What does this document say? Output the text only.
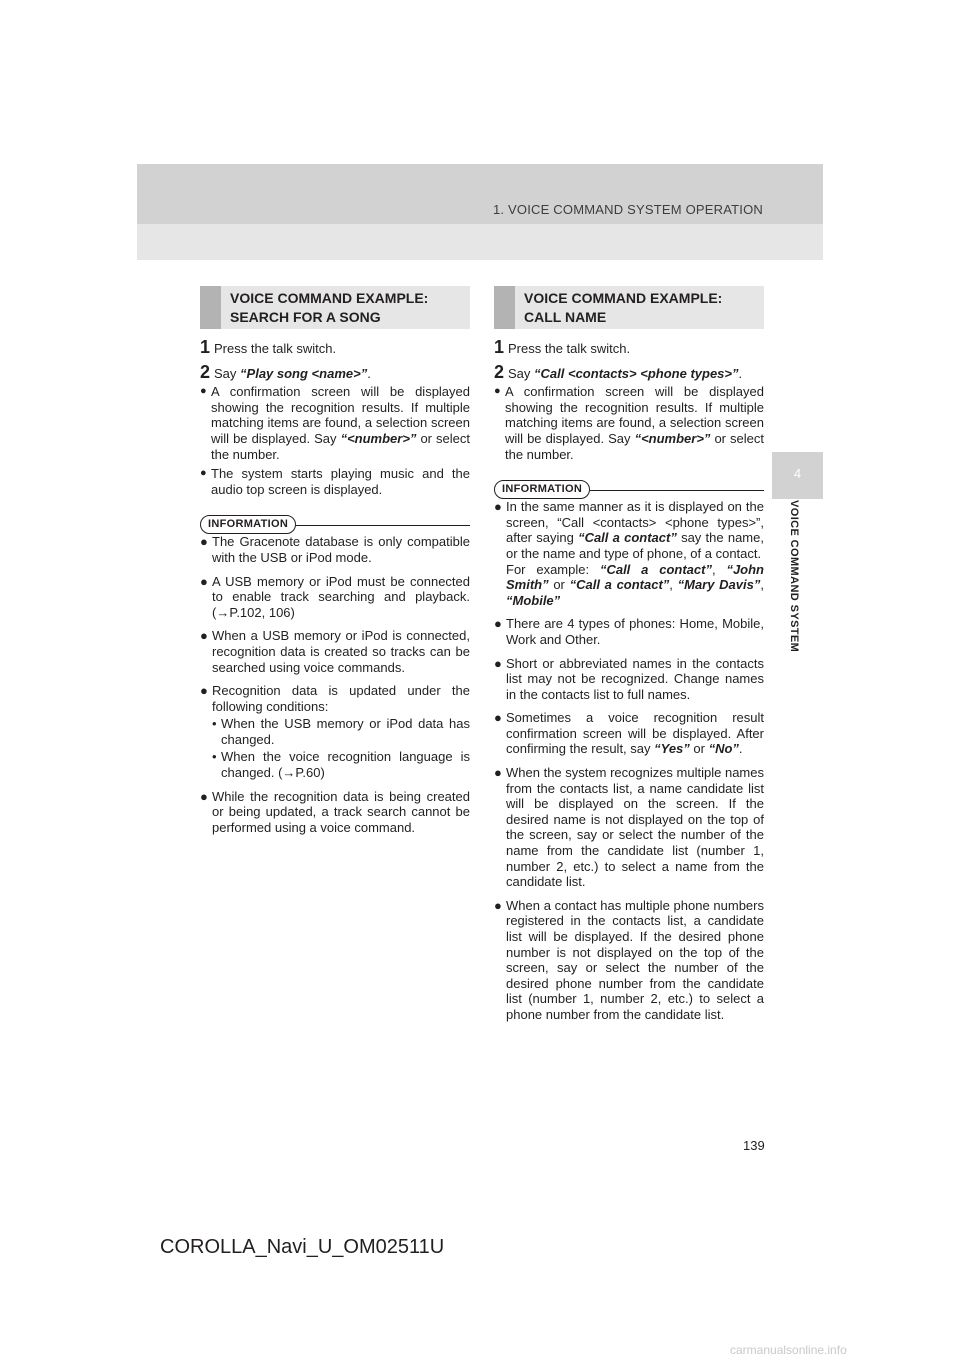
1. VOICE COMMAND SYSTEM OPERATION
4
VOICE COMMAND SYSTEM
VOICE COMMAND EXAMPLE:
SEARCH FOR A SONG
VOICE COMMAND EXAMPLE:
CALL NAME
1 Press the talk switch.
2 Say “Play song <name>”.
● A confirmation screen will be displayed showing the recognition results. If multiple matching items are found, a selection screen will be displayed. Say “<number>” or select the number.
● The system starts playing music and the audio top screen is displayed.
INFORMATION
● The Gracenote database is only compatible with the USB or iPod mode.
● A USB memory or iPod must be connected to enable track searching and playback. (→P.102, 106)
● When a USB memory or iPod is connected, recognition data is created so tracks can be searched using voice commands.
● Recognition data is updated under the following conditions:
• When the USB memory or iPod data has changed.
• When the voice recognition language is changed. (→P.60)
● While the recognition data is being created or being updated, a track search cannot be performed using a voice command.
1 Press the talk switch.
2 Say “Call <contacts> <phone types>”.
● A confirmation screen will be displayed showing the recognition results. If multiple matching items are found, a selection screen will be displayed. Say “<number>” or select the number.
INFORMATION
● In the same manner as it is displayed on the screen, “Call <contacts> <phone types>”, after saying “Call a contact” say the name, or the name and type of phone, of a contact.
For example: “Call a contact”, “John Smith” or “Call a contact”, “Mary Davis”, “Mobile”
● There are 4 types of phones: Home, Mobile, Work and Other.
● Short or abbreviated names in the contacts list may not be recognized. Change names in the contacts list to full names.
● Sometimes a voice recognition result confirmation screen will be displayed. After confirming the result, say “Yes” or “No”.
● When the system recognizes multiple names from the contacts list, a name candidate list will be displayed on the screen. If the desired name is not displayed on the top of the screen, say or select the number of the name from the candidate list (number 1, number 2, etc.) to select a name from the candidate list.
● When a contact has multiple phone numbers registered in the contacts list, a candidate list will be displayed. If the desired phone number is not displayed on the top of the screen, say or select the number of the desired phone number from the candidate list (number 1, number 2, etc.) to select a phone number from the candidate list.
139
COROLLA_Navi_U_OM02511U
carmanualsonline.info
